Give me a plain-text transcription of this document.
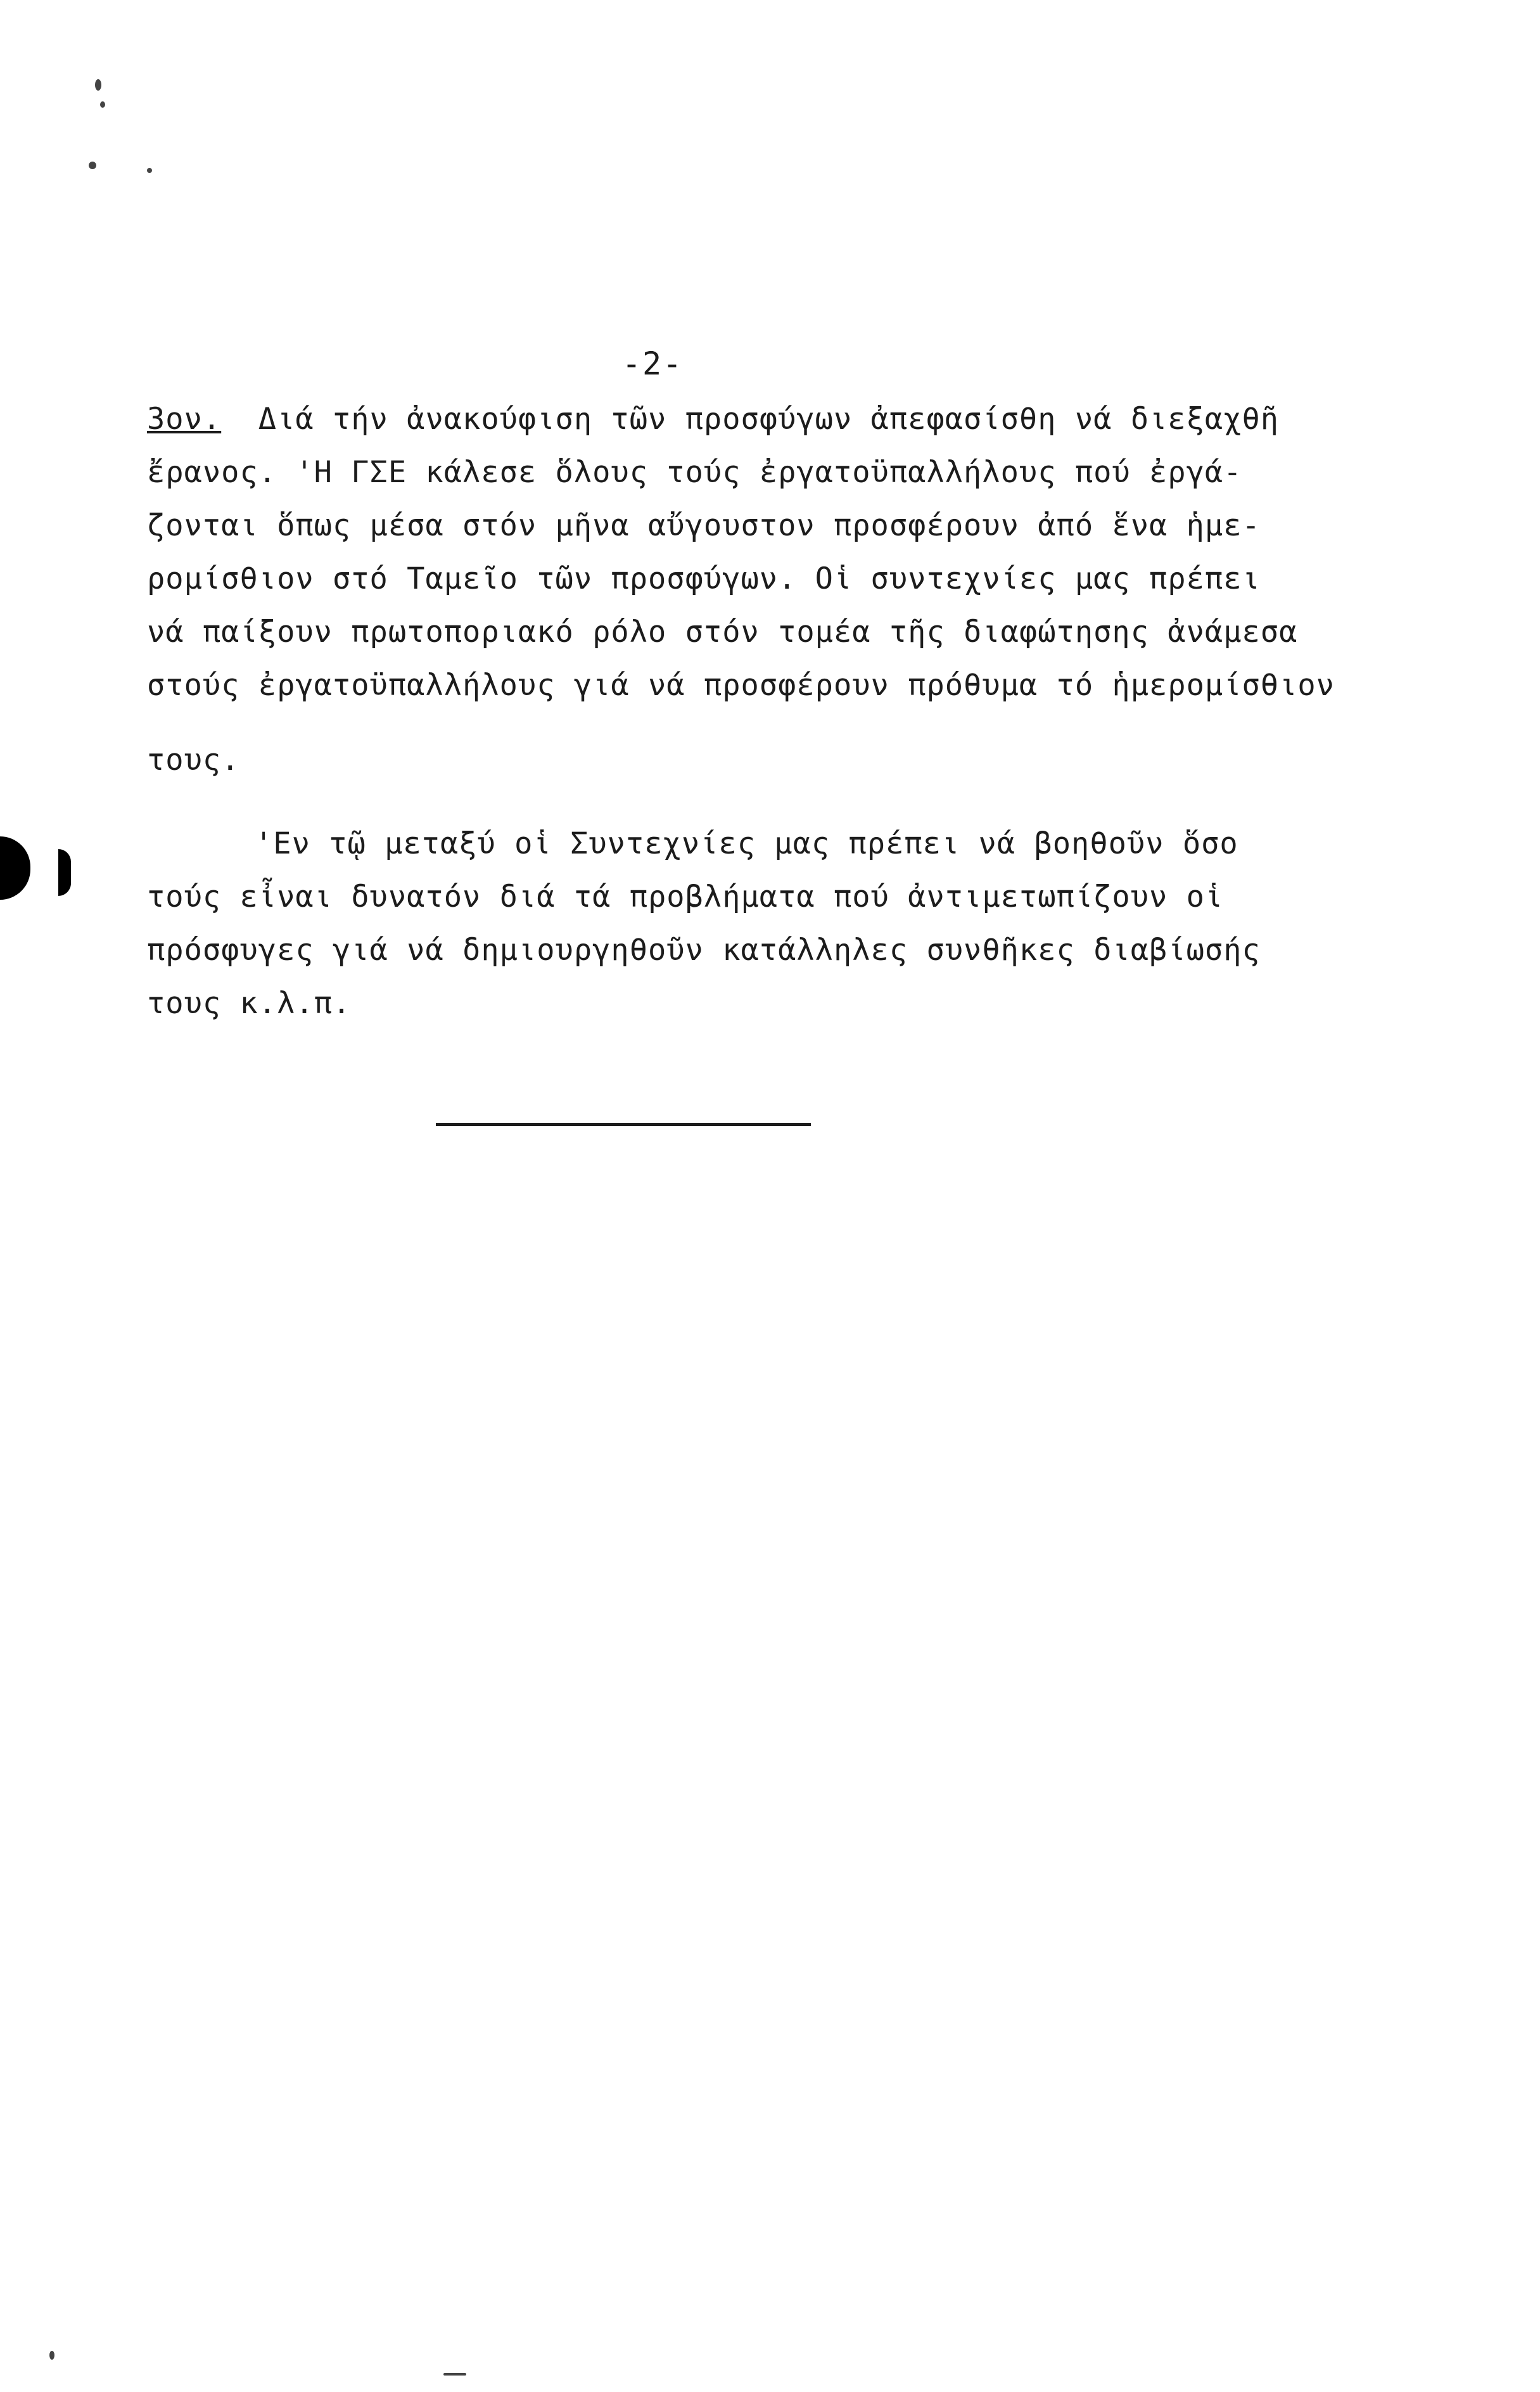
-2-
3ον. Διά τήν ἀνακούφιση τῶν προσφύγων ἀπεφασίσθη νά διεξαχθῆ
ἔρανος. 'Η ΓΣΕ κάλεσε ὅλους τούς ἐργατοϋπαλλήλους πού ἐργά-
ζονται ὅπως μέσα στόν μῆνα αὔγουστον προσφέρουν ἀπό ἕνα ἡμε-
ρομίσθιον στό Ταμεῖο τῶν προσφύγων. Οἱ συντεχνίες μας πρέπει
νά παίξουν πρωτοποριακό ρόλο στόν τομέα τῆς διαφώτησης ἀνάμεσα
στούς ἐργατοϋπαλλήλους γιά νά προσφέρουν πρόθυμα τό ἡμερομίσθιον
τους.
'Εν τῷ μεταξύ οἱ Συντεχνίες μας πρέπει νά βοηθοῦν ὅσο
τούς εἶναι δυνατόν διά τά προβλήματα πού ἀντιμετωπίζουν οἱ
πρόσφυγες γιά νά δημιουργηθοῦν κατάλληλες συνθῆκες διαβίωσής
τους κ.λ.π.
